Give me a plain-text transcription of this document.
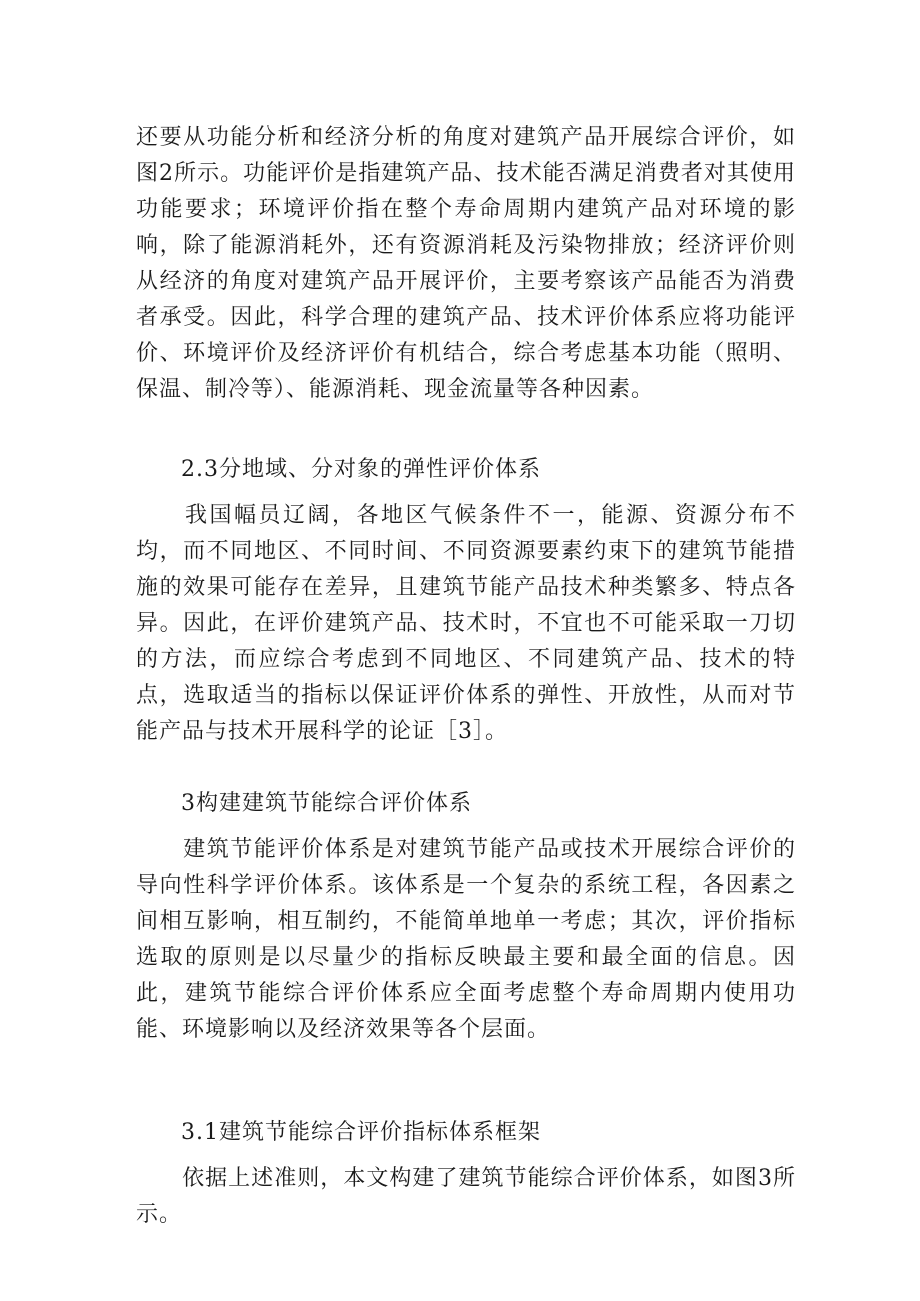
还要从功能分析和经济分析的角度对建筑产品开展综合评价，如图2所示。功能评价是指建筑产品、技术能否满足消费者对其使用功能要求；环境评价指在整个寿命周期内建筑产品对环境的影响，除了能源消耗外，还有资源消耗及污染物排放；经济评价则从经济的角度对建筑产品开展评价，主要考察该产品能否为消费者承受。因此，科学合理的建筑产品、技术评价体系应将功能评价、环境评价及经济评价有机结合，综合考虑基本功能（照明、保温、制冷等）、能源消耗、现金流量等各种因素。

2.3分地域、分对象的弹性评价体系

　　我国幅员辽阔，各地区气候条件不一，能源、资源分布不均，而不同地区、不同时间、不同资源要素约束下的建筑节能措施的效果可能存在差异，且建筑节能产品技术种类繁多、特点各异。因此，在评价建筑产品、技术时，不宜也不可能采取一刀切的方法，而应综合考虑到不同地区、不同建筑产品、技术的特点，选取适当的指标以保证评价体系的弹性、开放性，从而对节能产品与技术开展科学的论证［3］。

3构建建筑节能综合评价体系

　　建筑节能评价体系是对建筑节能产品或技术开展综合评价的导向性科学评价体系。该体系是一个复杂的系统工程，各因素之间相互影响，相互制约，不能简单地单一考虑；其次，评价指标选取的原则是以尽量少的指标反映最主要和最全面的信息。因此，建筑节能综合评价体系应全面考虑整个寿命周期内使用功能、环境影响以及经济效果等各个层面。

3.1建筑节能综合评价指标体系框架

　　依据上述准则，本文构建了建筑节能综合评价体系，如图3所示。
